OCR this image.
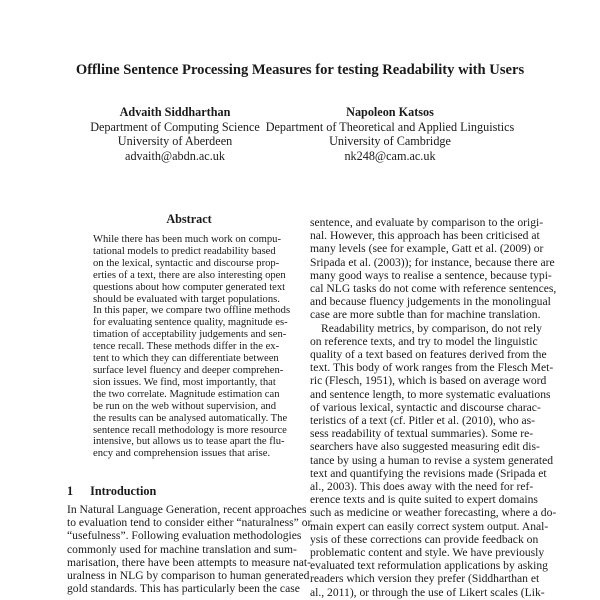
Offline Sentence Processing Measures for testing Readability with Users
Advaith Siddharthan
Department of Computing Science
University of Aberdeen
advaith@abdn.ac.uk
Napoleon Katsos
Department of Theoretical and Applied Linguistics
University of Cambridge
nk248@cam.ac.uk
Abstract
While there has been much work on compu-
tational models to predict readability based
on the lexical, syntactic and discourse prop-
erties of a text, there are also interesting open
questions about how computer generated text
should be evaluated with target populations.
In this paper, we compare two offline methods
for evaluating sentence quality, magnitude es-
timation of acceptability judgements and sen-
tence recall. These methods differ in the ex-
tent to which they can differentiate between
surface level fluency and deeper comprehen-
sion issues. We find, most importantly, that
the two correlate. Magnitude estimation can
be run on the web without supervision, and
the results can be analysed automatically. The
sentence recall methodology is more resource
intensive, but allows us to tease apart the flu-
ency and comprehension issues that arise.
1 Introduction
In Natural Language Generation, recent approaches
to evaluation tend to consider either “naturalness” or
“usefulness”. Following evaluation methodologies
commonly used for machine translation and sum-
marisation, there have been attempts to measure nat-
uralness in NLG by comparison to human generated
gold standards. This has particularly been the case
sentence, and evaluate by comparison to the origi-
nal. However, this approach has been criticised at
many levels (see for example, Gatt et al. (2009) or
Sripada et al. (2003)); for instance, because there are
many good ways to realise a sentence, because typi-
cal NLG tasks do not come with reference sentences,
and because fluency judgements in the monolingual
case are more subtle than for machine translation.
Readability metrics, by comparison, do not rely
on reference texts, and try to model the linguistic
quality of a text based on features derived from the
text. This body of work ranges from the Flesch Met-
ric (Flesch, 1951), which is based on average word
and sentence length, to more systematic evaluations
of various lexical, syntactic and discourse charac-
teristics of a text (cf. Pitler et al. (2010), who as-
sess readability of textual summaries). Some re-
searchers have also suggested measuring edit dis-
tance by using a human to revise a system generated
text and quantifying the revisions made (Sripada et
al., 2003). This does away with the need for ref-
erence texts and is quite suited to expert domains
such as medicine or weather forecasting, where a do-
main expert can easily correct system output. Anal-
ysis of these corrections can provide feedback on
problematic content and style. We have previously
evaluated text reformulation applications by asking
readers which version they prefer (Siddharthan et
al., 2011), or through the use of Likert scales (Lik-
